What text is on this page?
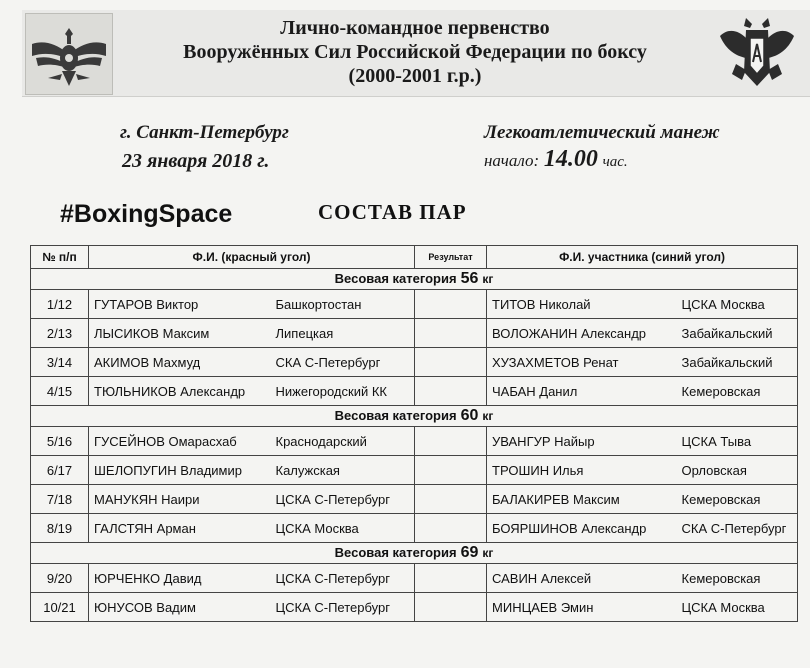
Лично-командное первенство
Вооружённых Сил Российской Федерации по боксу
(2000-2001 г.р.)
г. Санкт-Петербург
23 января 2018 г.
Легкоатлетический манеж
начало: 14.00 час.
#BoxingSpace	СОСТАВ ПАР
№ п/п	Ф.И. (красный угол)		Результат	Ф.И. участника (синий угол)	
Весовая категория 56 кг					
1/12	ГУТАРОВ Виктор	Башкортостан		ТИТОВ Николай	ЦСКА Москва
2/13	ЛЫСИКОВ Максим	Липецкая		ВОЛОЖАНИН Александр	Забайкальский
3/14	АКИМОВ Махмуд	СКА С-Петербург		ХУЗАХМЕТОВ Ренат	Забайкальский
4/15	ТЮЛЬНИКОВ Александр	Нижегородский КК		ЧАБАН Данил	Кемеровская
Весовая категория 60 кг					
5/16	ГУСЕЙНОВ Омарасхаб	Краснодарский		УВАНГУР Найыр	ЦСКА Тыва
6/17	ШЕЛОПУГИН Владимир	Калужская		ТРОШИН Илья	Орловская
7/18	МАНУКЯН Наири	ЦСКА С-Петербург		БАЛАКИРЕВ Максим	Кемеровская
8/19	ГАЛСТЯН Арман	ЦСКА Москва		БОЯРШИНОВ Александр	СКА С-Петербург
Весовая категория 69 кг					
9/20	ЮРЧЕНКО Давид	ЦСКА С-Петербург		САВИН Алексей	Кемеровская
10/21	ЮНУСОВ Вадим	ЦСКА С-Петербург		МИНЦАЕВ Эмин	ЦСКА Москва
